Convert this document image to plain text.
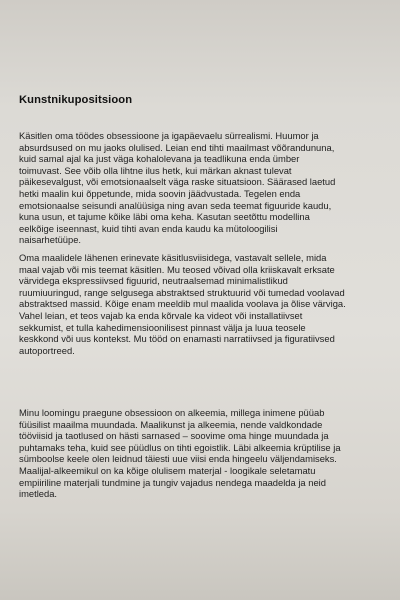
Kunstnikupositsioon

Käsitlen oma töödes obsessioone ja igapäevaelu sürrealismi. Huumor ja
absurdsused on mu jaoks olulised. Leian end tihti maailmast võõrandununa,
kuid samal ajal ka just väga kohalolevana ja teadlikuna enda ümber
toimuvast. See võib olla lihtne ilus hetk, kui märkan aknast tulevat
päikesevalgust, või emotsionaalselt väga raske situatsioon. Säärased laetud
hetki maalin kui õppetunde, mida soovin jäädvustada. Tegelen enda
emotsionaalse seisundi analüüsiga ning avan seda teemat figuuride kaudu,
kuna usun, et tajume kõike läbi oma keha. Kasutan seetõttu modellina
eelkõige iseennast, kuid tihti avan enda kaudu ka mütoloogilisi
naisarhetüüpe.

Oma maalidele lähenen erinevate käsitlusviisidega, vastavalt sellele, mida
maal vajab või mis teemat käsitlen. Mu teosed võivad olla kriiskavalt erksate
värvidega ekspressiivsed figuurid, neutraalsemad minimalistlikud
ruumiuuringud, range selgusega abstraktsed struktuurid või tumedad voolavad
abstraktsed massid. Kõige enam meeldib mul maalida voolava ja õlise värviga.
Vahel leian, et teos vajab ka enda kõrvale ka videot või installatiivset
sekkumist, et tulla kahedimensioonilisest pinnast välja ja luua teosele
keskkond või uus kontekst. Mu tööd on enamasti narratiivsed ja figuratiivsed
autoportreed.

Minu loomingu praegune obsessioon on alkeemia, millega inimene püüab
füüsilist maailma muundada. Maalikunst ja alkeemia, nende valdkondade
tööviisid ja taotlused on hästi sarnased – soovime oma hinge muundada ja
puhtamaks teha, kuid see püüdlus on tihti egoistlik. Läbi alkeemia krüptilise ja
sümboolse keele olen leidnud täiesti uue viisi enda hingeelu väljendamiseks.
Maalijal-alkeemikul on ka kõige olulisem materjal - loogikale seletamatu
empiiriline materjali tundmine ja tungiv vajadus nendega maadelda ja neid
imetleda.
